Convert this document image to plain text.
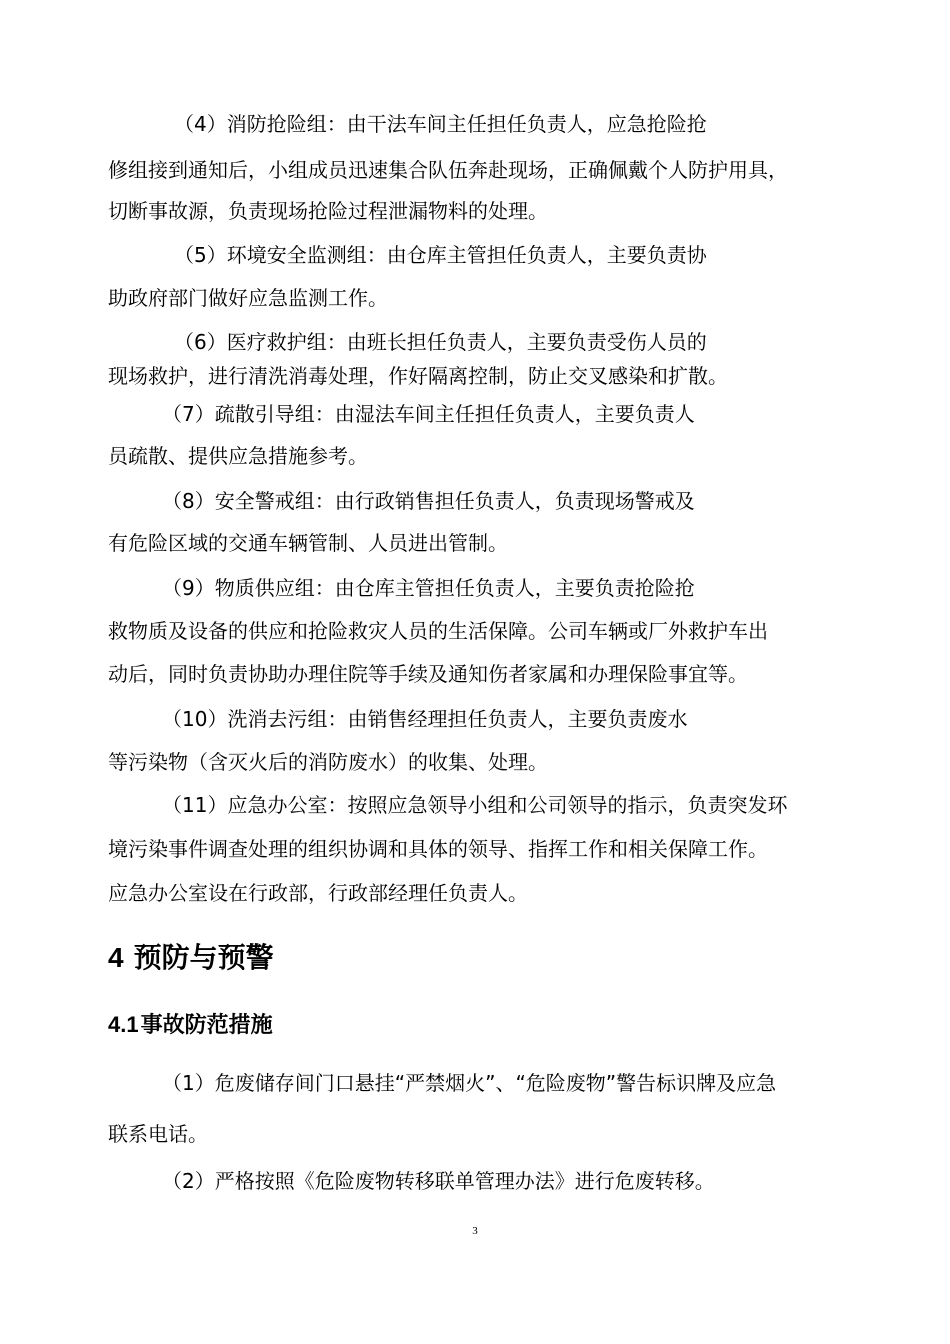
（4）消防抢险组：由干法车间主任担任负责人，应急抢险抢

修组接到通知后，小组成员迅速集合队伍奔赴现场，正确佩戴个人防护用具，

切断事故源，负责现场抢险过程泄漏物料的处理。

（5）环境安全监测组：由仓库主管担任负责人，主要负责协

助政府部门做好应急监测工作。

（6）医疗救护组：由班长担任负责人，主要负责受伤人员的

现场救护，进行清洗消毒处理，作好隔离控制，防止交叉感染和扩散。

（7）疏散引导组：由湿法车间主任担任负责人，主要负责人

员疏散、提供应急措施参考。

（8）安全警戒组：由行政销售担任负责人，负责现场警戒及

有危险区域的交通车辆管制、人员进出管制。

（9）物质供应组：由仓库主管担任负责人，主要负责抢险抢

救物质及设备的供应和抢险救灾人员的生活保障。公司车辆或厂外救护车出

动后，同时负责协助办理住院等手续及通知伤者家属和办理保险事宜等。

（10）洗消去污组：由销售经理担任负责人，主要负责废水

等污染物（含灭火后的消防废水）的收集、处理。

（11）应急办公室：按照应急领导小组和公司领导的指示，负责突发环

境污染事件调查处理的组织协调和具体的领导、指挥工作和相关保障工作。

应急办公室设在行政部，行政部经理任负责人。

4 预防与预警
4.1事故防范措施

（1）危废储存间门口悬挂“严禁烟火”、“危险废物”警告标识牌及应急

联系电话。

（2）严格按照《危险废物转移联单管理办法》进行危废转移。

3
